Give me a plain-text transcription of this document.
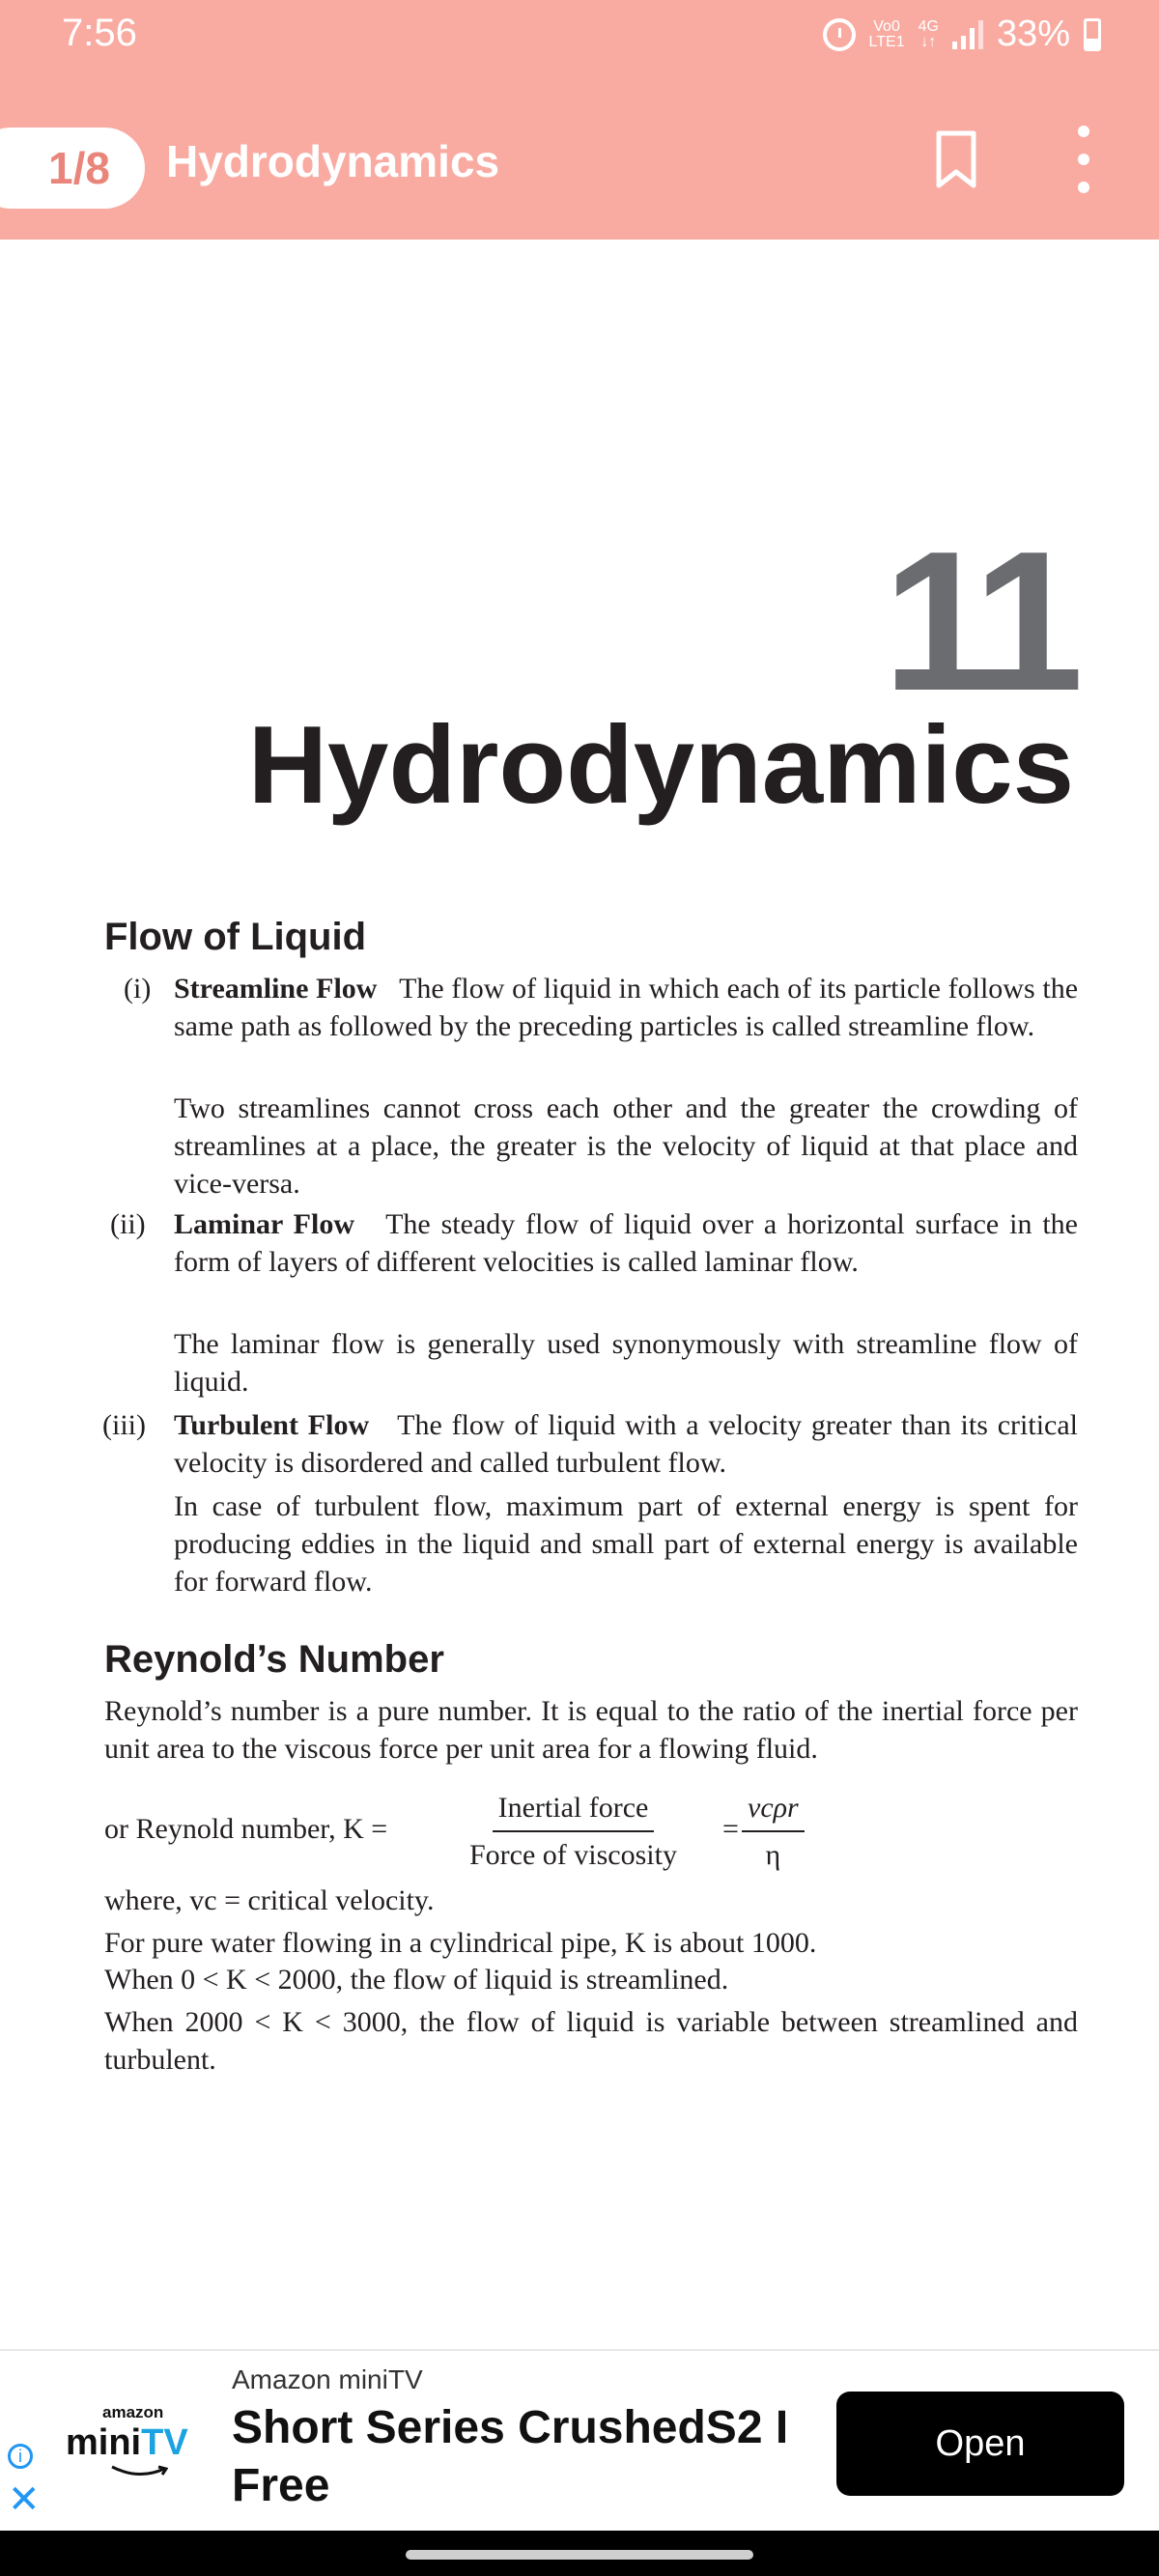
7:56	Vo0
LTE1
4G
↓↑ 33%
1/8	Hydrodynamics
11
Hydrodynamics
Flow of Liquid
(i) Streamline Flow The flow of liquid in which each of its particle follows the same path as followed by the preceding particles is called streamline flow.
Two streamlines cannot cross each other and the greater the crowding of streamlines at a place, the greater is the velocity of liquid at that place and vice-versa.
(ii) Laminar Flow The steady flow of liquid over a horizontal surface in the form of layers of different velocities is called laminar flow.
The laminar flow is generally used synonymously with streamline flow of liquid.
(iii) Turbulent Flow The flow of liquid with a velocity greater than its critical velocity is disordered and called turbulent flow.
In case of turbulent flow, maximum part of external energy is spent for producing eddies in the liquid and small part of external energy is available for forward flow.
Reynold’s Number
Reynold’s number is a pure number. It is equal to the ratio of the inertial force per unit area to the viscous force per unit area for a flowing fluid.
or Reynold number, K =
Inertial force
Force of viscosity
=
vcρr
η
where, vc = critical velocity.
For pure water flowing in a cylindrical pipe, K is about 1000.
When 0 < K < 2000, the flow of liquid is streamlined.
When 2000 < K < 3000, the flow of liquid is variable between streamlined and turbulent.
i
✕
amazon
miniTV
Amazon miniTV
Short Series CrushedS2 I Free
Open
